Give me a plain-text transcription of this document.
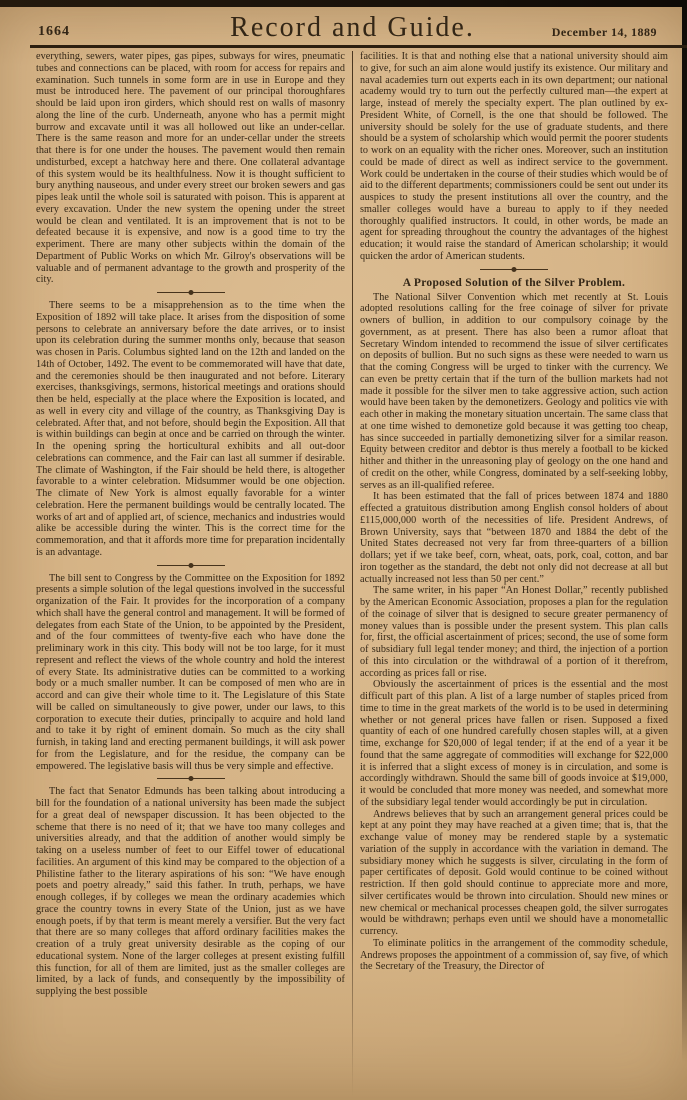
1664	Record and Guide.	December 14, 1889

everything, sewers, water pipes, gas pipes, subways for wires, pneumatic tubes and connections can be placed, with room for access for repairs and examination. Such tunnels in some form are in use in Europe and they must be introduced here. The pavement of our principal thoroughfares should be laid upon iron girders, which should rest on walls of masonry along the line of the curb. Underneath, anyone who has a permit might burrow and excavate until it was all hollowed out like an under-cellar. There is the same reason and more for an under-cellar under the streets that there is for one under the houses. The pavement would then remain undisturbed, except a hatchway here and there. One collateral advantage of this system would be its healthfulness. Now it is thought sufficient to bury anything nauseous, and under every street our broken sewers and gas pipes leak until the whole soil is saturated with poison. This is apparent at every excavation. Under the new system the opening under the street would be clean and ventilated. It is an improvement that is not to be defeated because it is expensive, and now is a good time to try the experiment. There are many other subjects within the domain of the Department of Public Works on which Mr. Gilroy's observations will be valuable and of permanent advantage to the growth and prosperity of the city.

There seems to be a misapprehension as to the time when the Exposition of 1892 will take place. It arises from the disposition of some persons to celebrate an anniversary before the date arrives, or to insist upon its celebration during the summer months only, because that season was chosen in Paris. Columbus sighted land on the 12th and landed on the 14th of October, 1492. The event to be commemorated will have that date, and the ceremonies should be then inaugurated and not before. Literary exercises, thanksgivings, sermons, historical meetings and orations should then be held, especially at the place where the Exposition is located, and as well in every city and village of the country, as Thanksgiving Day is celebrated. After that, and not before, should begin the Exposition. All that is within buildings can begin at once and be carried on through the winter. In the opening spring the horticultural exhibits and all out-door celebrations can commence, and the Fair can last all summer if desirable. The climate of Washington, if the Fair should be held there, is altogether favorable to a winter celebration. Midsummer would be one objection. The climate of New York is almost equally favorable for a winter celebration. Here the permanent buildings would be centrally located. The works of art and of applied art, of science, mechanics and industries would alike be accessible during the winter. This is the correct time for the commemoration, and that it affords more time for preparation incidentally is an advantage.

The bill sent to Congress by the Committee on the Exposition for 1892 presents a simple solution of the legal questions involved in the successful organization of the Fair. It provides for the incorporation of a company which shall have the general control and management. It will be formed of delegates from each State of the Union, to be appointed by the President, and of the four committees of twenty-five each who have done the preliminary work in this city. This body will not be too large, for it must represent and reflect the views of the whole country and hold the interest of every State. Its administrative duties can be committed to a working body or a much smaller number. It can be composed of men who are in accord and can give their whole time to it. The Legislature of this State will be called on simultaneously to give power, under our laws, to this corporation to execute their duties, principally to acquire and hold land and to take it by right of eminent domain. So much as the city shall furnish, in taking land and erecting permanent buildings, it will ask power for from the Legislature, and for the residue, the company can be empowered. The legislative basis will thus be very simple and effective.

The fact that Senator Edmunds has been talking about introducing a bill for the foundation of a national university has been made the subject for a great deal of newspaper discussion. It has been objected to the scheme that there is no need of it; that we have too many colleges and universities already, and that the addition of another would simply be taking on a useless number of feet to our Eiffel tower of educational facilities. An argument of this kind may be compared to the objection of a Philistine father to the literary aspirations of his son: “We have enough poets and poetry already,” said this father. In truth, perhaps, we have enough colleges, if by colleges we mean the ordinary academies which grace the country towns in every State of the Union, just as we have enough poets, if by that term is meant merely a versifier. But the very fact that there are so many colleges that afford ordinary facilities makes the creation of a truly great university desirable as the coping of our educational system. None of the larger colleges at present existing fulfill this function, for all of them are limited, just as the smaller colleges are limited, by a lack of funds, and consequently by the impossibility of supplying the best possible

facilities. It is that and nothing else that a national university should aim to give, for such an aim alone would justify its existence. Our military and naval academies turn out experts each in its own department; our national academy would try to turn out the perfectly cultured man—the expert at large, instead of merely the specialty expert. The plan outlined by ex-President White, of Cornell, is the one that should be followed. The university should be solely for the use of graduate students, and there should be a system of scholarship which would permit the poorer students to work on an equality with the richer ones. Moreover, such an institution could be made of direct as well as indirect service to the government. Work could be undertaken in the course of their studies which would be of aid to the different departments; commissioners could be sent out under its auspices to study the present institutions all over the country, and the smaller colleges would have a bureau to apply to if they needed thoroughly qualified instructors. It could, in other words, be made an agent for spreading throughout the country the advantages of the highest education; it would raise the standard of American scholarship; it would quicken the ardor of American students.

A Proposed Solution of the Silver Problem.

The National Silver Convention which met recently at St. Louis adopted resolutions calling for the free coinage of silver for private owners of bullion, in addition to our compulsory coinage by the government, as at present. There has also been a rumor afloat that Secretary Windom intended to recommend the issue of silver certificates on deposits of bullion. But no such signs as these were needed to warn us that the coming Congress will be urged to tinker with the currency. We can even be pretty certain that if the turn of the bullion markets had not made it possible for the silver men to take aggressive action, such action would have been taken by the demonetizers. Geology and politics vie with each other in making the monetary situation uncertain. The same class that at one time wished to demonetize gold because it was getting too cheap, has since succeeded in partially demonetizing silver for a similar reason. Equity between creditor and debtor is thus merely a football to be kicked hither and thither in the unreasoning play of geology on the one hand and of credit on the other, while Congress, dominated by a self-seeking lobby, serves as an ill-qualified referee.

It has been estimated that the fall of prices between 1874 and 1880 effected a gratuitous distribution among English consol holders of about £115,000,000 worth of the necessities of life. President Andrews, of Brown University, says that “between 1870 and 1884 the debt of the United States decreased not very far from three-quarters of a billion dollars; yet if we take beef, corn, wheat, oats, pork, coal, cotton, and bar iron together as the standard, the debt not only did not decrease at all but actually increased not less than 50 per cent.”

The same writer, in his paper “An Honest Dollar,” recently published by the American Economic Association, proposes a plan for the regulation of the coinage of silver that is designed to secure greater permanency of money values than is possible under the present system. This plan calls for, first, the official ascertainment of prices; second, the use of some form of subsidiary full legal tender money; and third, the injection of a portion of this into circulation or the withdrawal of a portion of it therefrom, according as prices fall or rise.

Obviously the ascertainment of prices is the essential and the most difficult part of this plan. A list of a large number of staples priced from time to time in the great markets of the world is to be used in determining whether or not general prices have fallen or risen. Supposed a fixed quantity of each of one hundred carefully chosen staples will, at a given time, exchange for $20,000 of legal tender; if at the end of a year it be found that the same aggregate of commodities will exchange for $22,000 it is inferred that a slight excess of money is in circulation, and some is accordingly withdrawn. Should the same bill of goods invoice at $19,000, it would be concluded that more money was needed, and somewhat more of the subsidiary legal tender would accordingly be put in circulation.

Andrews believes that by such an arrangement general prices could be kept at any point they may have reached at a given time; that is, that the exchange value of money may be rendered staple by a systematic variation of the supply in accordance with the variation in demand. The subsidiary money which he suggests is silver, circulating in the form of paper certificates of deposit. Gold would continue to be coined without restriction. If then gold should continue to appreciate more and more, silver certificates would be thrown into circulation. Should new mines or new chemical or mechanical processes cheapen gold, the silver surrogates would be withdrawn; perhaps even until we should have a monometallic currency.

To eliminate politics in the arrangement of the commodity schedule, Andrews proposes the appointment of a commission of, say five, of which the Secretary of the Treasury, the Director of
